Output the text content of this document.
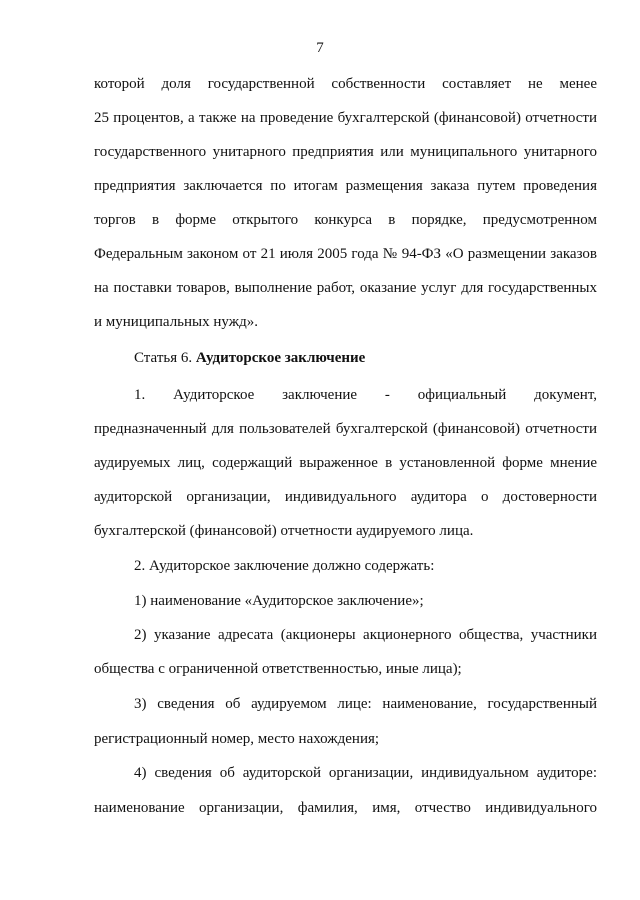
7
которой доля государственной собственности составляет не менее
25 процентов, а также на проведение бухгалтерской (финансовой) отчетности
государственного унитарного предприятия или муниципального унитарного
предприятия заключается по итогам размещения заказа путем проведения
торгов в форме открытого конкурса в порядке, предусмотренном
Федеральным законом от 21 июля 2005 года № 94-ФЗ «О размещении заказов
на поставки товаров, выполнение работ, оказание услуг для государственных
и муниципальных нужд».
Статья 6. Аудиторское заключение
1. Аудиторское заключение - официальный документ,
предназначенный для пользователей бухгалтерской (финансовой) отчетности
аудируемых лиц, содержащий выраженное в установленной форме мнение
аудиторской организации, индивидуального аудитора о достоверности
бухгалтерской (финансовой) отчетности аудируемого лица.
2. Аудиторское заключение должно содержать:
1) наименование «Аудиторское заключение»;
2) указание адресата (акционеры акционерного общества, участники
общества с ограниченной ответственностью, иные лица);
3) сведения об аудируемом лице: наименование, государственный
регистрационный номер, место нахождения;
4) сведения об аудиторской организации, индивидуальном аудиторе:
наименование организации, фамилия, имя, отчество индивидуального
